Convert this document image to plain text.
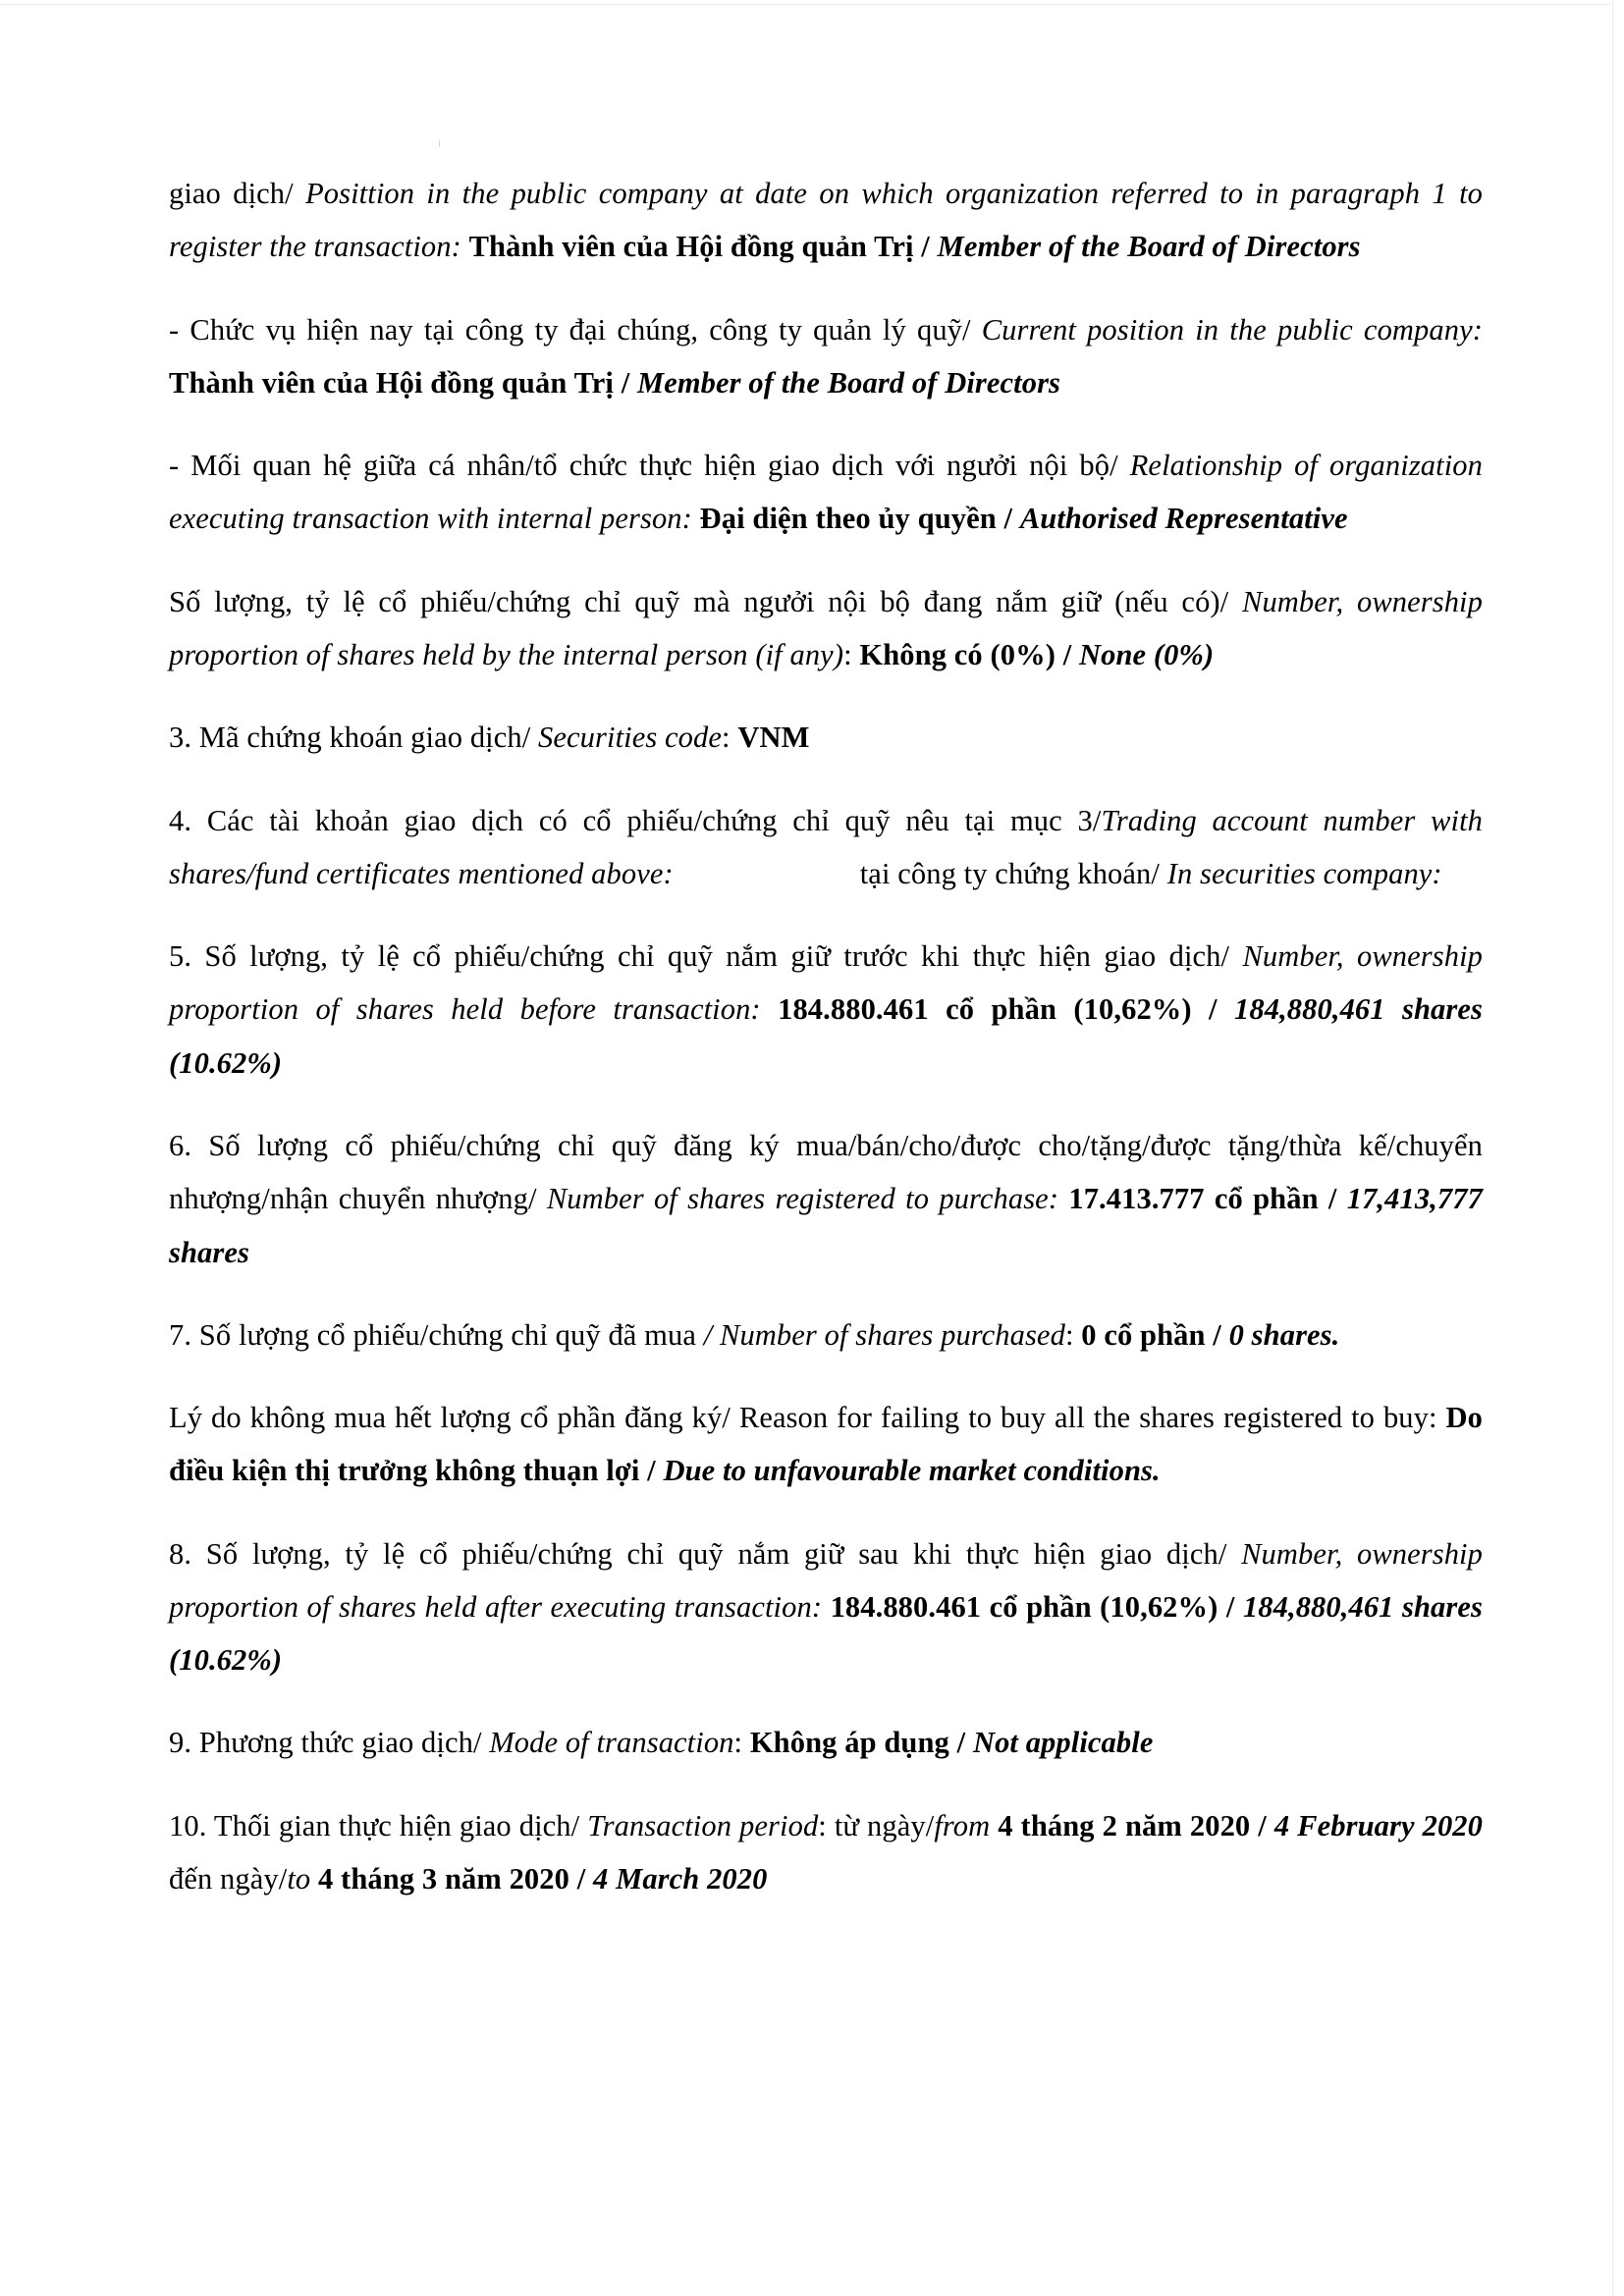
giao dịch/ Posittion in the public company at date on which organization referred to in paragraph 1 to register the transaction: Thành viên của Hội đồng quản Trị / Member of the Board of Directors

- Chức vụ hiện nay tại công ty đại chúng, công ty quản lý quỹ/ Current position in the public company: Thành viên của Hội đồng quản Trị / Member of the Board of Directors

- Mối quan hệ giữa cá nhân/tổ chức thực hiện giao dịch với ngưởi nội bộ/ Relationship of organization executing transaction with internal person: Đại diện theo ủy quyền / Authorised Representative

Số lượng, tỷ lệ cổ phiếu/chứng chỉ quỹ mà ngưởi nội bộ đang nắm giữ (nếu có)/ Number, ownership proportion of shares held by the internal person (if any): Không có (0%) / None (0%)

3. Mã chứng khoán giao dịch/ Securities code: VNM

4. Các tài khoản giao dịch có cổ phiếu/chứng chỉ quỹ nêu tại mục 3/Trading account number with shares/fund certificates mentioned above:	tại công ty chứng khoán/ In securities company:

5. Số lượng, tỷ lệ cổ phiếu/chứng chỉ quỹ nắm giữ trước khi thực hiện giao dịch/ Number, ownership proportion of shares held before transaction: 184.880.461 cổ phần (10,62%) / 184,880,461 shares (10.62%)

6. Số lượng cổ phiếu/chứng chỉ quỹ đăng ký mua/bán/cho/được cho/tặng/được tặng/thừa kế/chuyển nhượng/nhận chuyển nhượng/ Number of shares registered to purchase: 17.413.777 cổ phần / 17,413,777 shares

7. Số lượng cổ phiếu/chứng chỉ quỹ đã mua / Number of shares purchased: 0 cổ phần / 0 shares.

Lý do không mua hết lượng cổ phần đăng ký/ Reason for failing to buy all the shares registered to buy: Do điều kiện thị trưởng không thuạn lợi / Due to unfavourable market conditions.

8. Số lượng, tỷ lệ cổ phiếu/chứng chỉ quỹ nắm giữ sau khi thực hiện giao dịch/ Number, ownership proportion of shares held after executing transaction: 184.880.461 cổ phần (10,62%) / 184,880,461 shares (10.62%)

9. Phương thức giao dịch/ Mode of transaction: Không áp dụng / Not applicable

10. Thối gian thực hiện giao dịch/ Transaction period: từ ngày/from 4 tháng 2 năm 2020 / 4 February 2020 đến ngày/to 4 tháng 3 năm 2020 / 4 March 2020
